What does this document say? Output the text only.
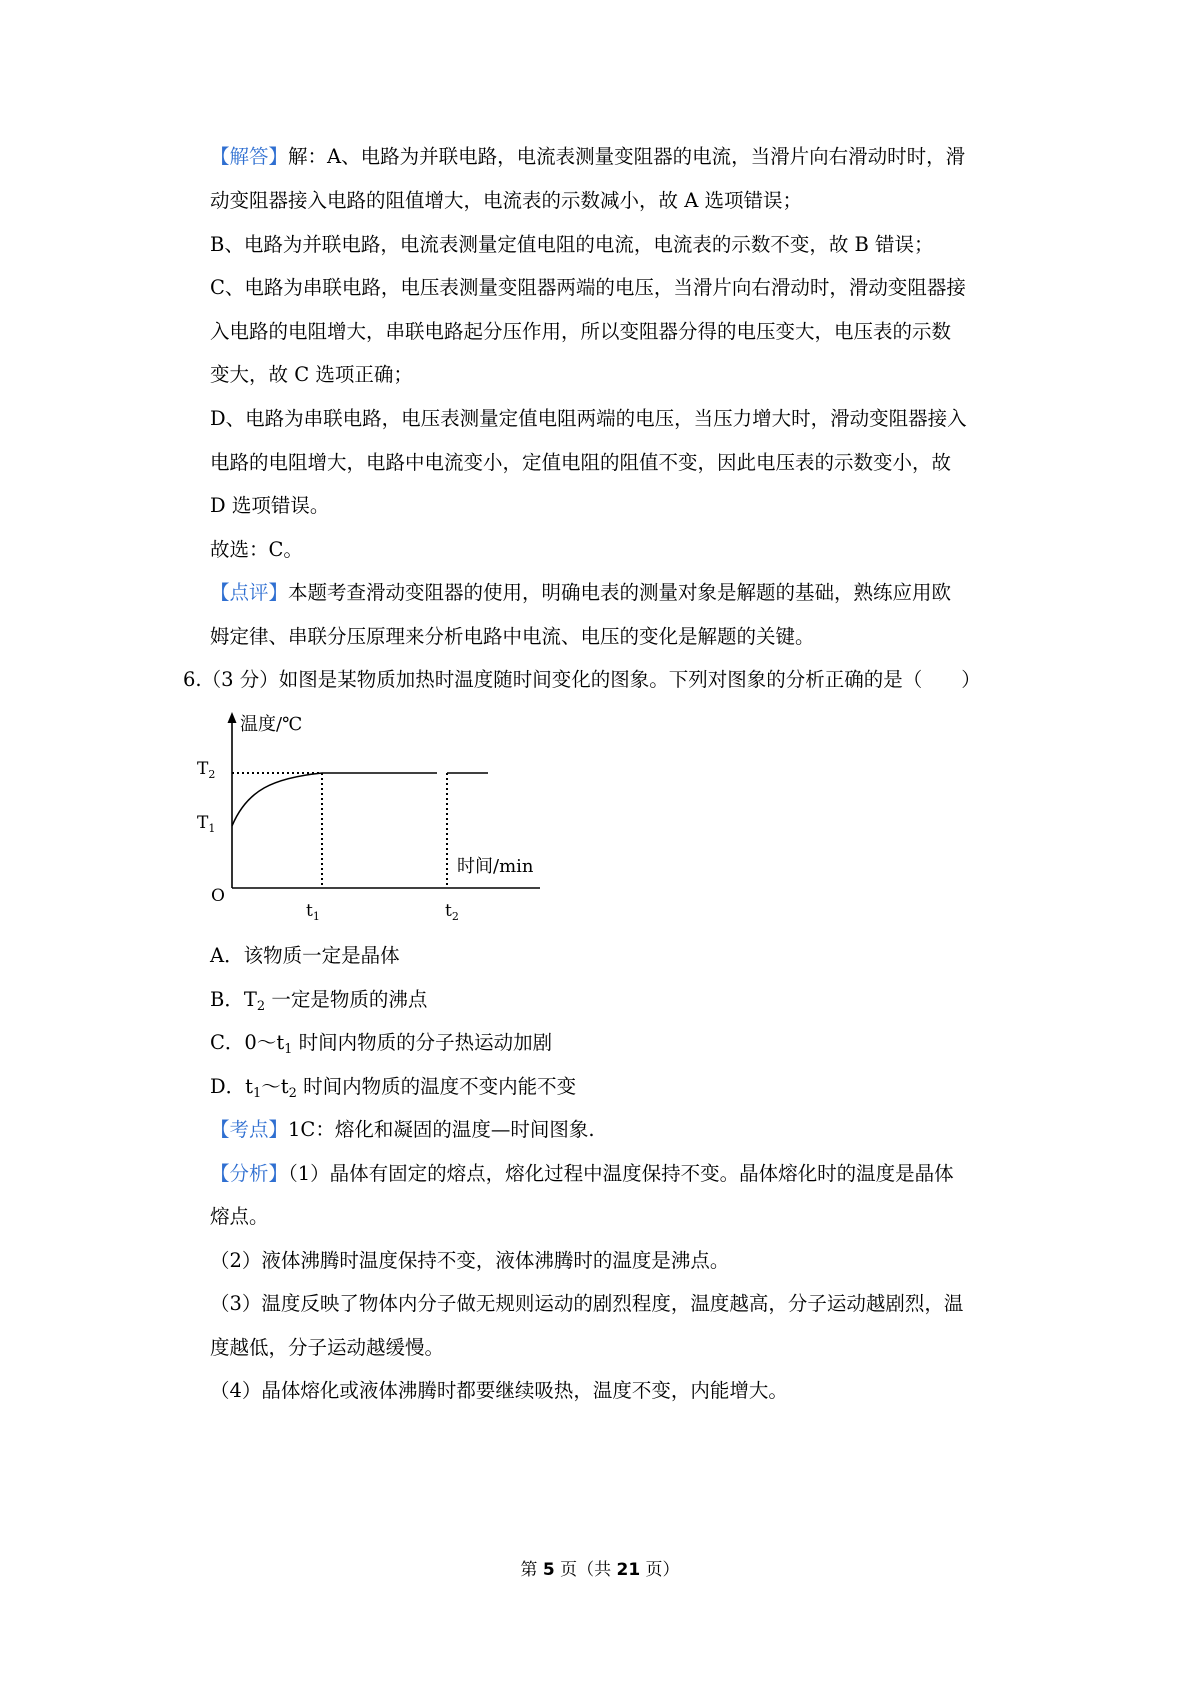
【解答】解：A、电路为并联电路，电流表测量变阻器的电流，当滑片向右滑动时时，滑
动变阻器接入电路的阻值增大，电流表的示数减小，故 A 选项错误；
B、电路为并联电路，电流表测量定值电阻的电流，电流表的示数不变，故 B 错误；
C、电路为串联电路，电压表测量变阻器两端的电压，当滑片向右滑动时，滑动变阻器接
入电路的电阻增大，串联电路起分压作用，所以变阻器分得的电压变大，电压表的示数
变大，故 C 选项正确；
D、电路为串联电路，电压表测量定值电阻两端的电压，当压力增大时，滑动变阻器接入
电路的电阻增大，电路中电流变小，定值电阻的阻值不变，因此电压表的示数变小，故
D 选项错误。
故选：C。
【点评】本题考查滑动变阻器的使用，明确电表的测量对象是解题的基础，熟练应用欧
姆定律、串联分压原理来分析电路中电流、电压的变化是解题的关键。
6.（3 分）如图是某物质加热时温度随时间变化的图象。下列对图象的分析正确的是（　　）
温度/℃
时间/min
O
$T_2$
$T_1$
$t_1$	$t_2$
A．该物质一定是晶体
B．$T_2$ 一定是物质的沸点
C．$0\sim t_1$ 时间内物质的分子热运动加剧
D．$t_1\sim t_2$ 时间内物质的温度不变内能不变
【考点】1C：熔化和凝固的温度—时间图象.
【分析】（1）晶体有固定的熔点，熔化过程中温度保持不变。晶体熔化时的温度是晶体
熔点。
（2）液体沸腾时温度保持不变，液体沸腾时的温度是沸点。
（3）温度反映了物体内分子做无规则运动的剧烈程度，温度越高，分子运动越剧烈，温
度越低，分子运动越缓慢。
（4）晶体熔化或液体沸腾时都要继续吸热，温度不变，内能增大。
第 5 页（共 21 页）
